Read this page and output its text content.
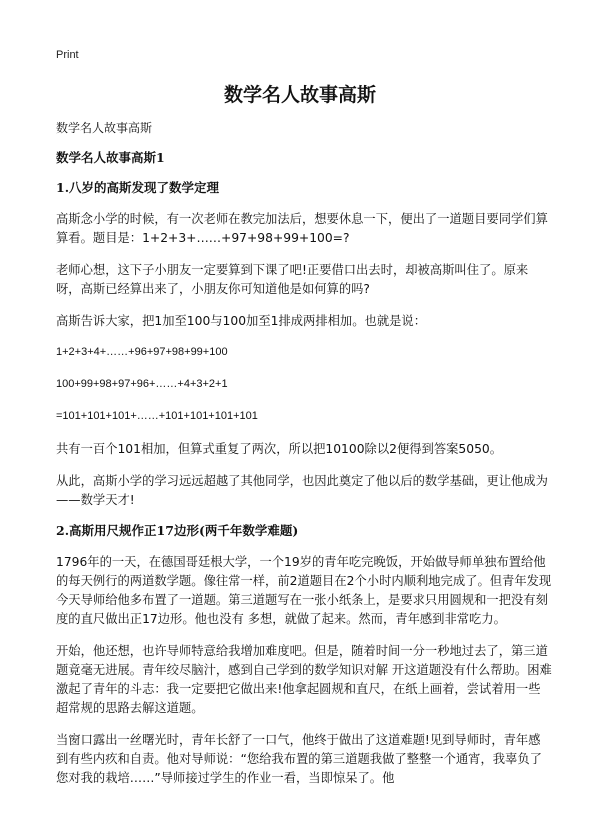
Print
数学名人故事高斯

数学名人故事高斯

数学名人故事高斯1
1.八岁的高斯发现了数学定理

高斯念小学的时候，有一次老师在教完加法后，想要休息一下，便出了一道题目要同学们算算看。题目是：1+2+3+……+97+98+99+100=?

老师心想，这下子小朋友一定要算到下课了吧!正要借口出去时，却被高斯叫住了。原来呀，高斯已经算出来了，小朋友你可知道他是如何算的吗?

高斯告诉大家，把1加至100与100加至1排成两排相加。也就是说：

1+2+3+4+……+96+97+98+99+100

100+99+98+97+96+……+4+3+2+1

=101+101+101+……+101+101+101+101

共有一百个101相加，但算式重复了两次，所以把10100除以2便得到答案5050。

从此，高斯小学的学习远远超越了其他同学，也因此奠定了他以后的数学基础，更让他成为——数学天才!

2.高斯用尺规作正17边形(两千年数学难题)

1796年的一天，在德国哥廷根大学，一个19岁的青年吃完晚饭，开始做导师单独布置给他的每天例行的两道数学题。像往常一样，前2道题目在2个小时内顺利地完成了。但青年发现今天导师给他多布置了一道题。第三道题写在一张小纸条上，是要求只用圆规和一把没有刻度的直尺做出正17边形。他也没有 多想，就做了起来。然而，青年感到非常吃力。

开始，他还想，也许导师特意给我增加难度吧。但是，随着时间一分一秒地过去了，第三道题竟毫无进展。青年绞尽脑汁，感到自己学到的数学知识对解 开这道题没有什么帮助。困难激起了青年的斗志：我一定要把它做出来!他拿起圆规和直尺，在纸上画着，尝试着用一些超常规的思路去解这道题。

当窗口露出一丝曙光时，青年长舒了一口气，他终于做出了这道难题!见到导师时，青年感到有些内疚和自责。他对导师说：“您给我布置的第三道题我做了整整一个通宵，我辜负了您对我的栽培……”导师接过学生的作业一看，当即惊呆了。他
